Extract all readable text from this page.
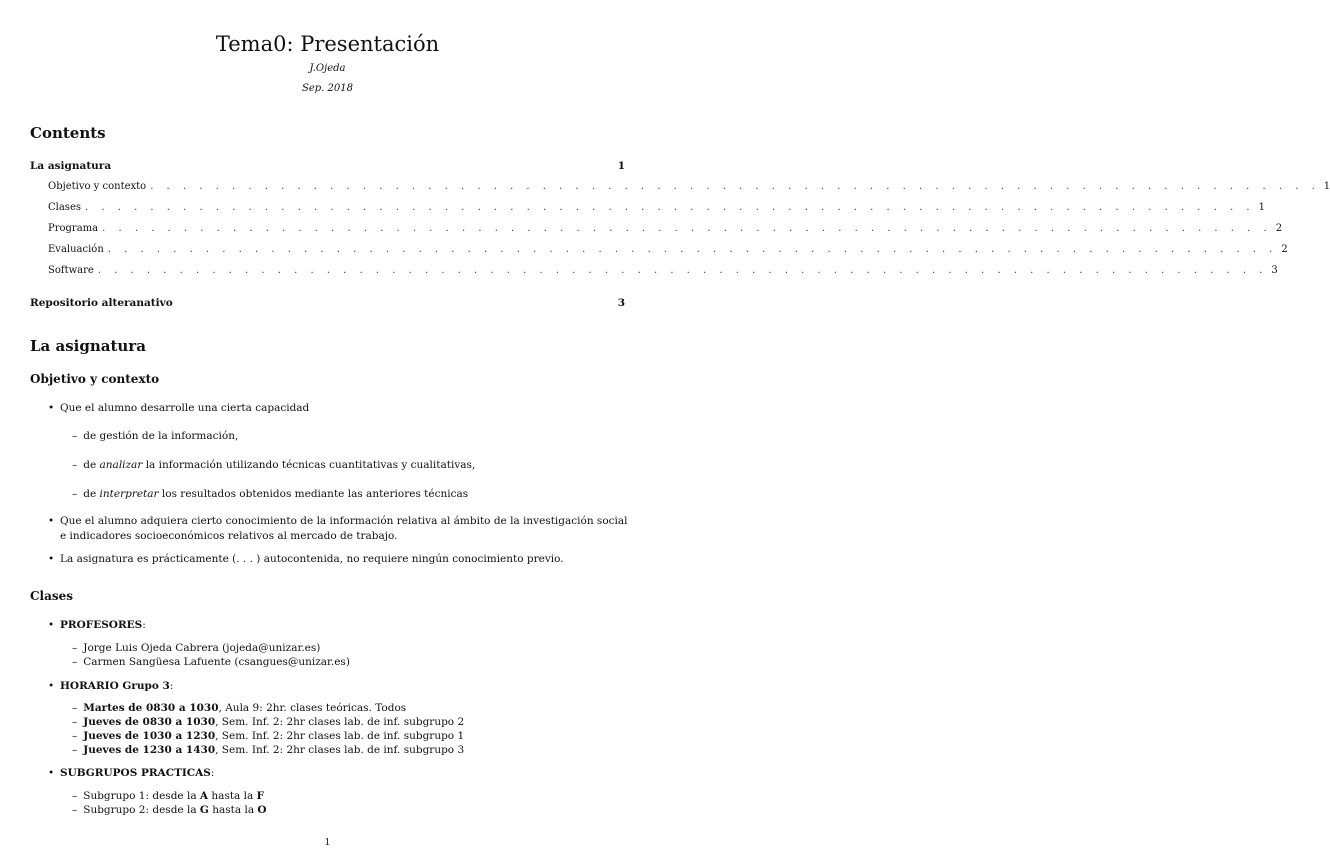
Tema0: Presentación
J.Ojeda
Sep. 2018
Contents
La asignatura	1
Objetivo y contexto . . . . . . . . . . . . . . . . . . . . . . . . . . . . . . . . . . . . . . . . . . . . . . . . . . . . . . . . . . . . . . . . . . . . . . . . 1
Clases . . . . . . . . . . . . . . . . . . . . . . . . . . . . . . . . . . . . . . . . . . . . . . . . . . . . . . . . . . . . . . . . . . . . . . . . 1
Programa . . . . . . . . . . . . . . . . . . . . . . . . . . . . . . . . . . . . . . . . . . . . . . . . . . . . . . . . . . . . . . . . . . . . . . . . 2
Evaluación . . . . . . . . . . . . . . . . . . . . . . . . . . . . . . . . . . . . . . . . . . . . . . . . . . . . . . . . . . . . . . . . . . . . . . . . 2
Software . . . . . . . . . . . . . . . . . . . . . . . . . . . . . . . . . . . . . . . . . . . . . . . . . . . . . . . . . . . . . . . . . . . . . . . . 3
Repositorio alteranativo	3
La asignatura
Objetivo y contexto
• Que el alumno desarrolle una cierta capacidad
– de gestión de la información,
– de analizar la información utilizando técnicas cuantitativas y cualitativas,
– de interpretar los resultados obtenidos mediante las anteriores técnicas
• Que el alumno adquiera cierto conocimiento de la información relativa al ámbito de la investigación social e indicadores socioeconómicos relativos al mercado de trabajo.
• La asignatura es prácticamente (. . . ) autocontenida, no requiere ningún conocimiento previo.
Clases
• PROFESORES:
– Jorge Luis Ojeda Cabrera (jojeda@unizar.es)
– Carmen Sangüesa Lafuente (csangues@unizar.es)
• HORARIO Grupo 3:
– Martes de 0830 a 1030, Aula 9: 2hr. clases teóricas. Todos
– Jueves de 0830 a 1030, Sem. Inf. 2: 2hr clases lab. de inf. subgrupo 2
– Jueves de 1030 a 1230, Sem. Inf. 2: 2hr clases lab. de inf. subgrupo 1
– Jueves de 1230 a 1430, Sem. Inf. 2: 2hr clases lab. de inf. subgrupo 3
• SUBGRUPOS PRACTICAS:
– Subgrupo 1: desde la A hasta la F
– Subgrupo 2: desde la G hasta la O
1
